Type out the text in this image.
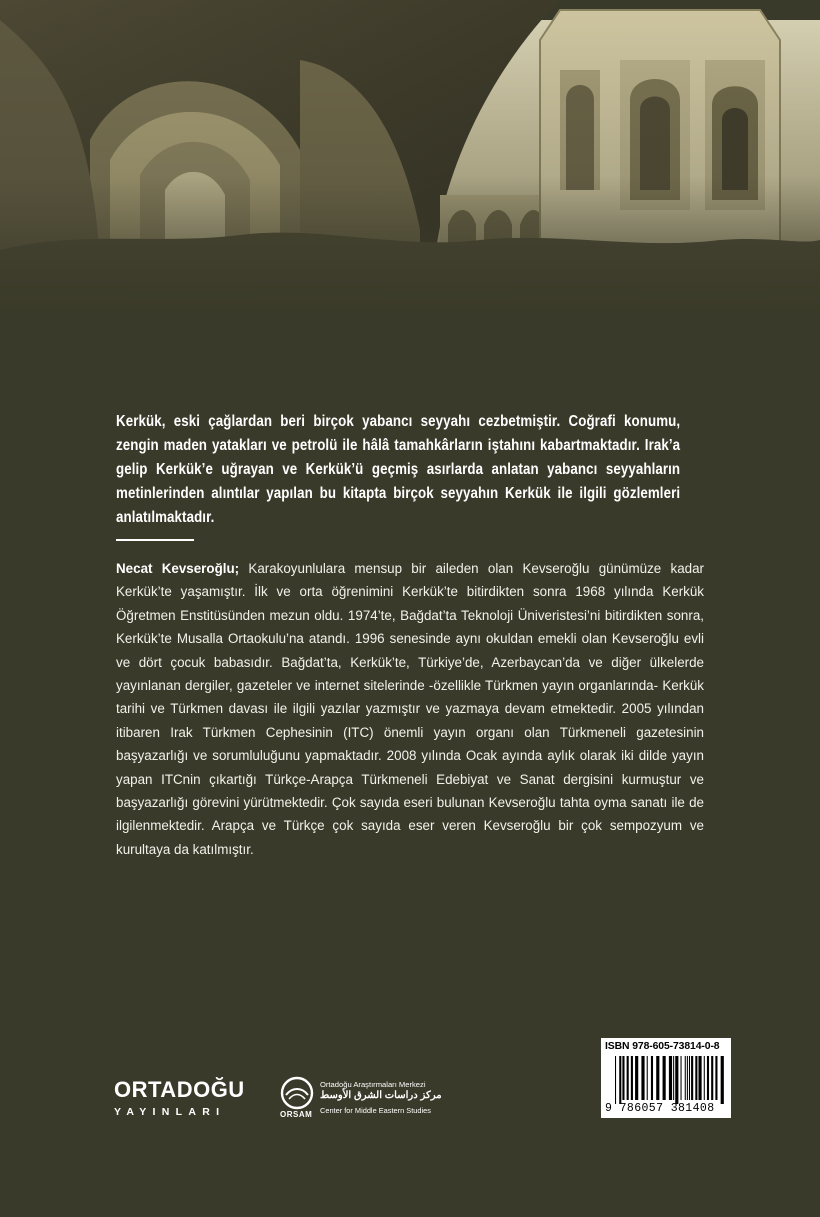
Kerkük, eski çağlardan beri birçok yabancı seyyahı cezbetmiştir. Coğrafi konumu, zengin maden yatakları ve petrolü ile hâlâ tamahkârların iştahını kabartmaktadır. Irak’a gelip Kerkük’e uğrayan ve Kerkük’ü geçmiş asırlarda anlatan yabancı seyyahların metinlerinden alıntılar yapılan bu kitapta birçok seyyahın Kerkük ile ilgili gözlemleri anlatılmaktadır.
Necat Kevseroğlu; Karakoyunlulara mensup bir aileden olan Kevseroğlu günümüze kadar Kerkük’te yaşamıştır. İlk ve orta öğrenimini Kerkük’te bitirdikten sonra 1968 yılında Kerkük Öğretmen Enstitüsünden mezun oldu. 1974’te, Bağdat’ta Teknoloji Üniveristesi’ni bitirdikten sonra, Kerkük’te Musalla Ortaokulu’na atandı. 1996 senesinde aynı okuldan emekli olan Kevseroğlu evli ve dört çocuk babasıdır. Bağdat’ta, Kerkük’te, Türkiye’de, Azerbaycan’da ve diğer ülkelerde yayınlanan dergiler, gazeteler ve internet sitelerinde -özellikle Türkmen yayın organlarında- Kerkük tarihi ve Türkmen davası ile ilgili yazılar yazmıştır ve yazmaya devam etmektedir. 2005 yılından itibaren Irak Türkmen Cephesinin (ITC) önemli yayın organı olan Türkmeneli gazetesinin başyazarlığı ve sorumluluğunu yapmaktadır. 2008 yılında Ocak ayında aylık olarak iki dilde yayın yapan ITCnin çıkartığı Türkçe-Arapça Türkmeneli Edebiyat ve Sanat dergisini kurmuştur ve başyazarlığı görevini yürütmektedir. Çok sayıda eseri bulunan Kevseroğlu tahta oyma sanatı ile de ilgilenmektedir. Arapça ve Türkçe çok sayıda eser veren Kevseroğlu bir çok sempozyum ve kurultaya da katılmıştır.
ORTADOĞU
YAYINLARI	ORSAM
Ortadoğu Araştırmaları Merkezi
مركز دراسات الشرق الأوسط
Center for Middle Eastern Studies
ISBN 978-605-73814-0-8
9 786057 381408
